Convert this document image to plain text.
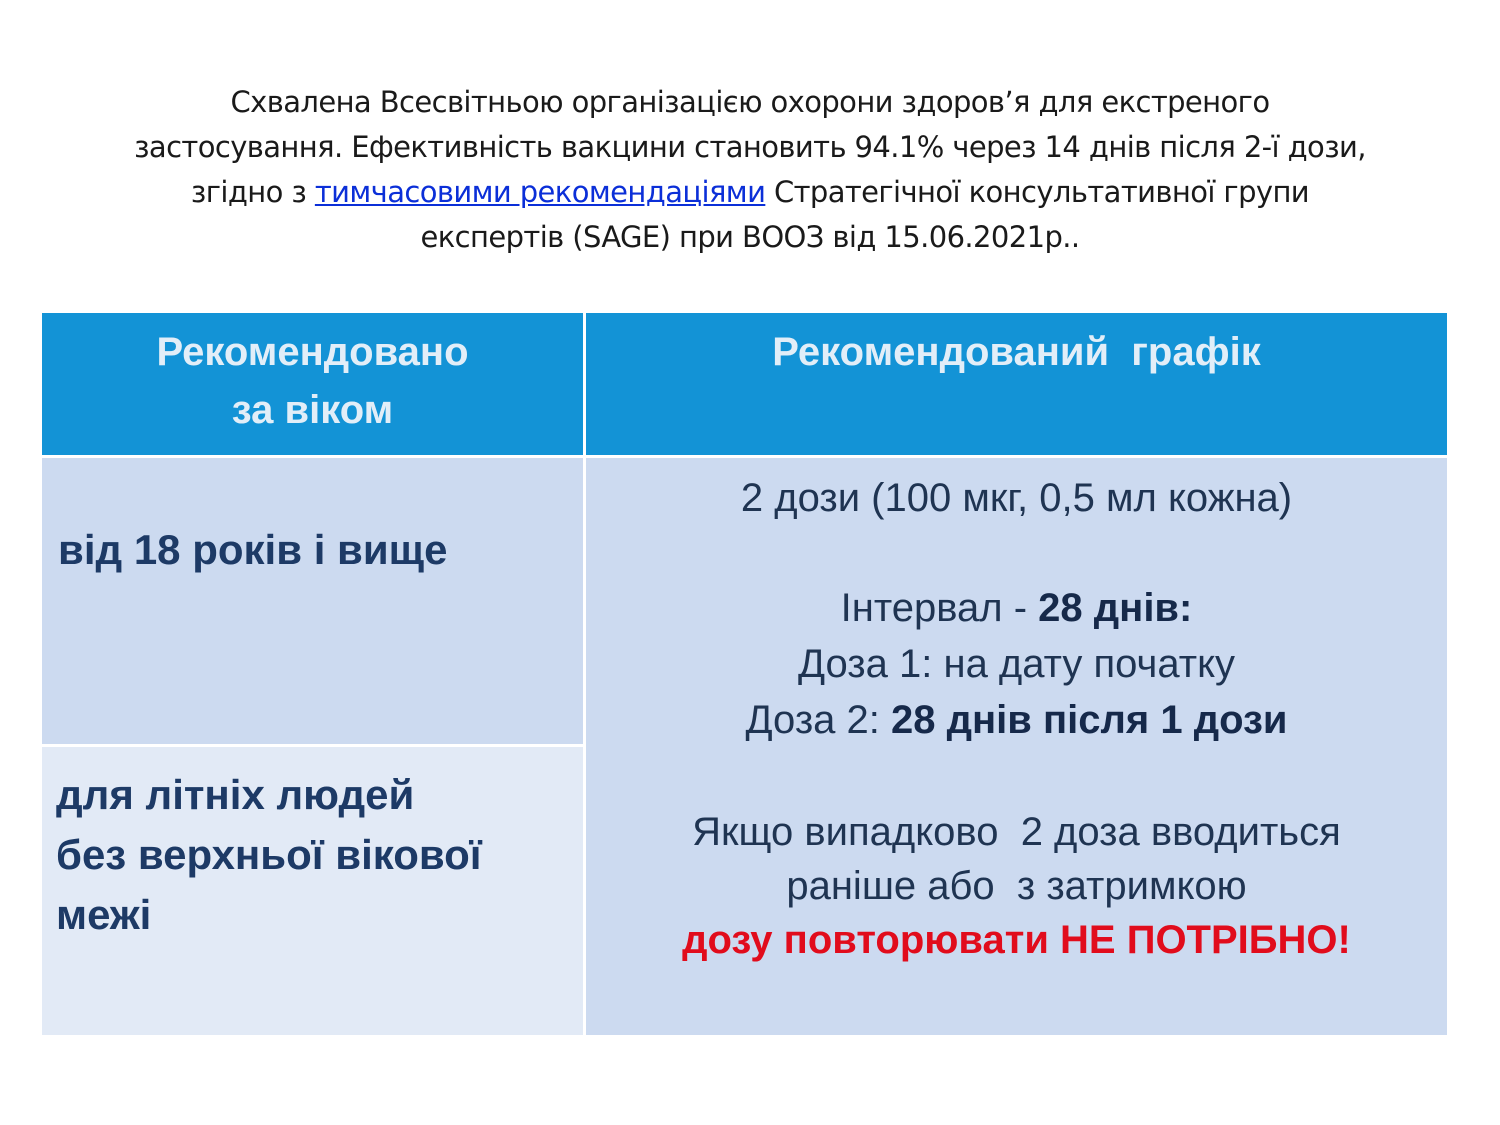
Схвалена Всесвітньою організацією охорони здоров’я для екстреного
застосування. Ефективність вакцини становить 94.1% через 14 днів після 2-ї дози,
згідно з тимчасовими рекомендаціями Стратегічної консультативної групи
експертів (SAGE) при ВООЗ від 15.06.2021р..
Рекомендовано
за віком
Рекомендований  графік
від 18 років і вище
для літніх людей
без верхньої вікової
межі
2 дози (100 мкг, 0,5 мл кожна)
Інтервал - 28 днів:
Доза 1: на дату початку
Доза 2: 28 днів після 1 дози
Якщо випадково  2 доза вводиться
раніше або  з затримкою
дозу повторювати НЕ ПОТРІБНО!
